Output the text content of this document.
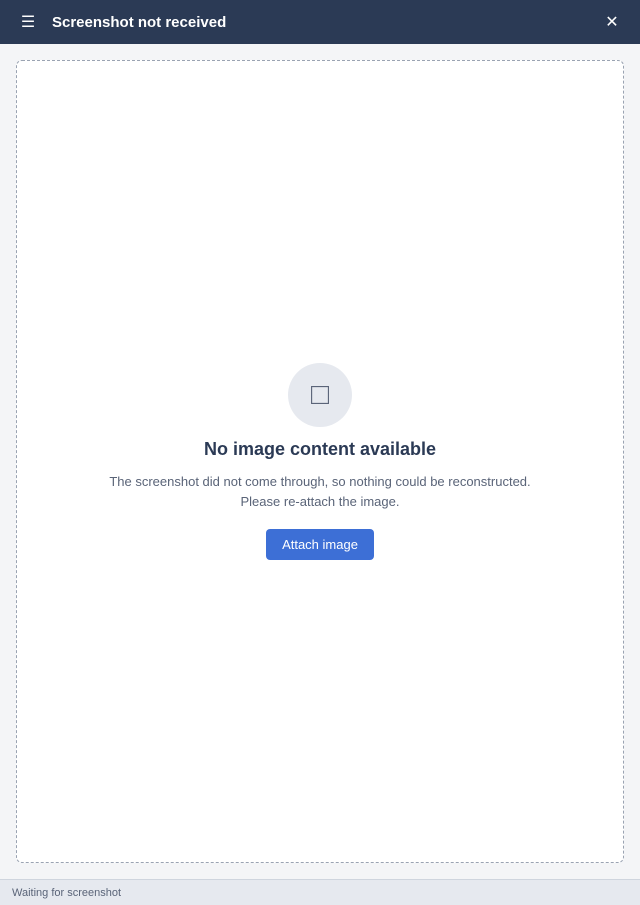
☰	Screenshot not received	✕
□
No image content available

The screenshot did not come through, so nothing could be reconstructed. Please re-attach the image.

Attach image
Waiting for screenshot
